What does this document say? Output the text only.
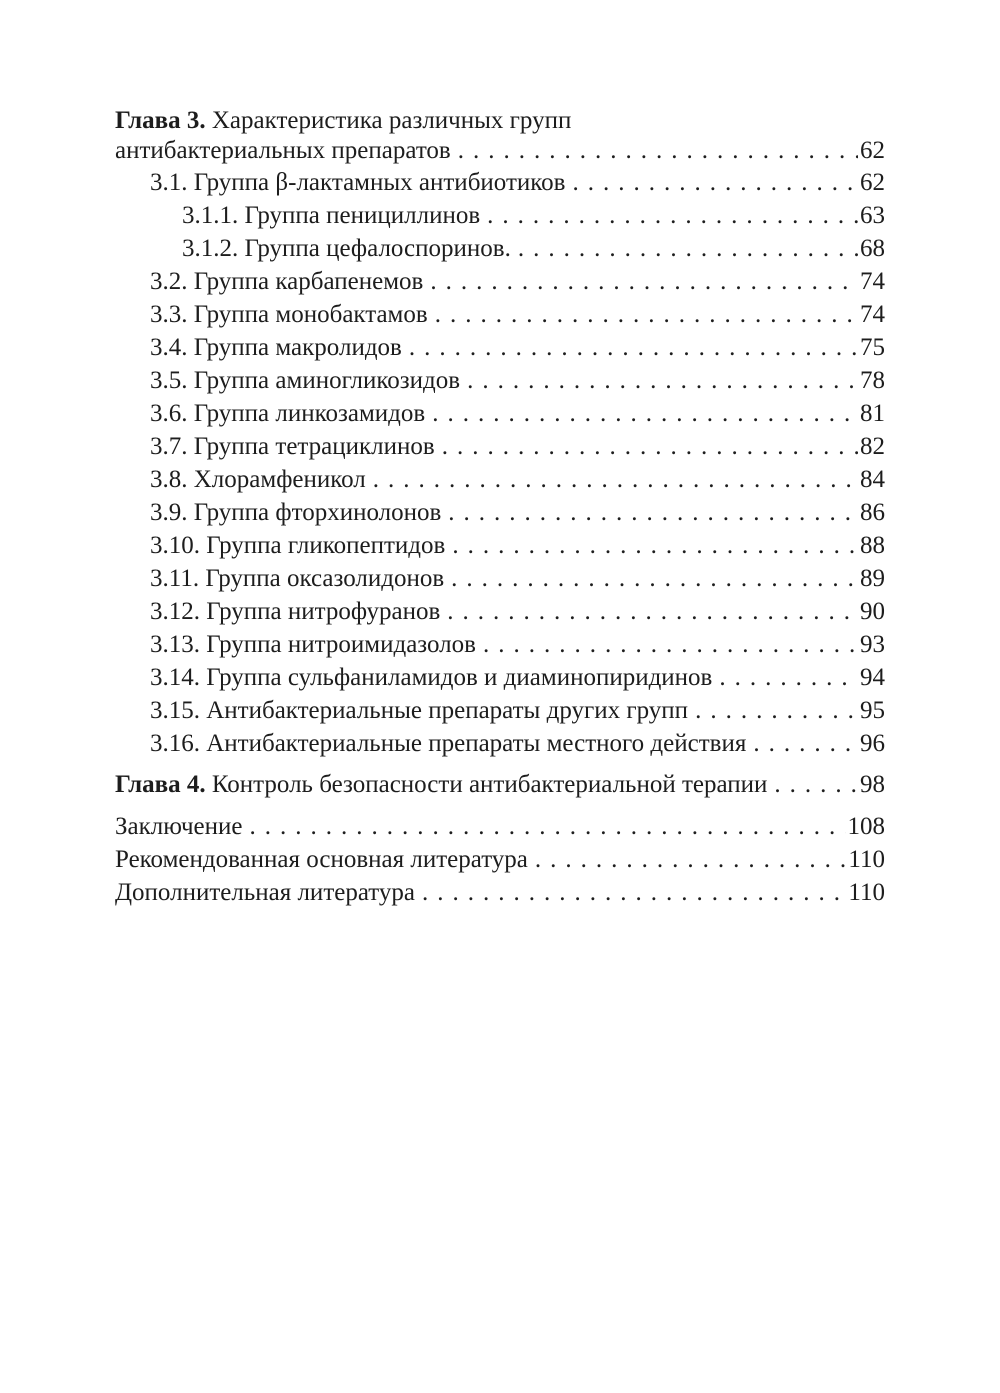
Глава 3. Характеристика различных групп
антибактериальных препаратов .....	62
3.1. Группа β-лактамных антибиотиков .....	62
3.1.1. Группа пенициллинов .....	63
3.1.2. Группа цефалоспоринов. .....	68
3.2. Группа карбапенемов .....	74
3.3. Группа монобактамов .....	74
3.4. Группа макролидов .....	75
3.5. Группа аминогликозидов .....	78
3.6. Группа линкозамидов .....	81
3.7. Группа тетрациклинов .....	82
3.8. Хлорамфеникол .....	84
3.9. Группа фторхинолонов .....	86
3.10. Группа гликопептидов .....	88
3.11. Группа оксазолидонов .....	89
3.12. Группа нитрофуранов .....	90
3.13. Группа нитроимидазолов .....	93
3.14. Группа сульфаниламидов и диаминопиридинов .....	94
3.15. Антибактериальные препараты других групп .....	95
3.16. Антибактериальные препараты местного действия .....	96
Глава 4. Контроль безопасности антибактериальной терапии .....	98
Заключение .....	108
Рекомендованная основная литература .....	110
Дополнительная литература .....	110
